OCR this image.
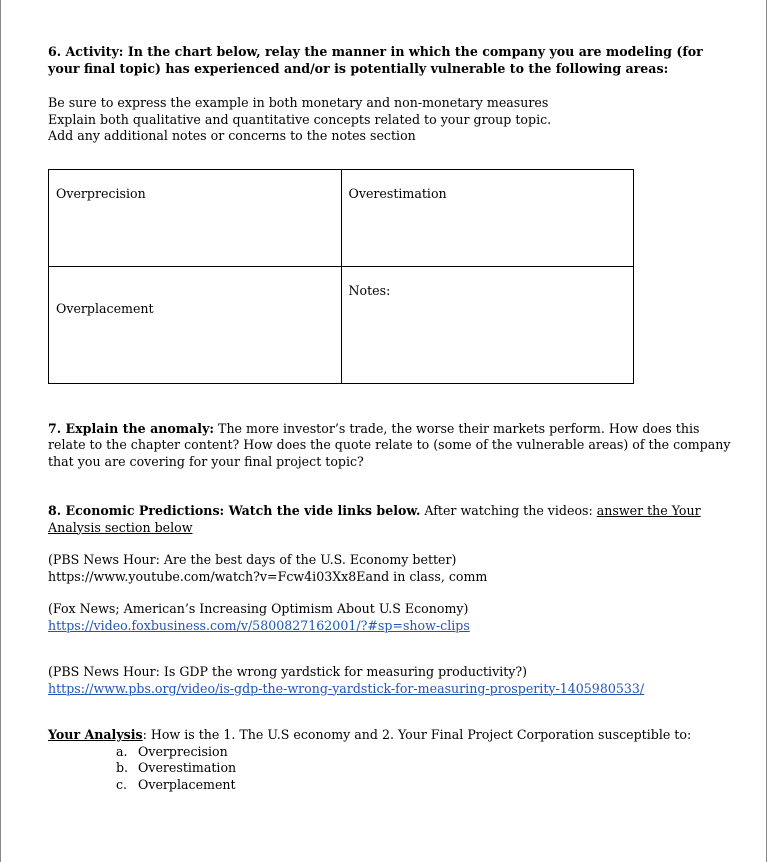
6. Activity: In the chart below, relay the manner in which the company you are modeling (for your final topic) has experienced and/or is potentially vulnerable to the following areas:

Be sure to express the example in both monetary and non-monetary measures

Explain both qualitative and quantitative concepts related to your group topic.

Add any additional notes or concerns to the notes section

Overprecision	Overestimation
Overplacement	Notes:

7. Explain the anomaly: The more investor’s trade, the worse their markets perform. How does this relate to the chapter content? How does the quote relate to (some of the vulnerable areas) of the company that you are covering for your final project topic?

8. Economic Predictions: Watch the vide links below. After watching the videos: answer the Your Analysis section below

(PBS News Hour: Are the best days of the U.S. Economy better)

https://www.youtube.com/watch?v=Fcw4i03Xx8Eand in class, comm

(Fox News; American’s Increasing Optimism About U.S Economy)

https://video.foxbusiness.com/v/5800827162001/?#sp=show-clips

(PBS News Hour: Is GDP the wrong yardstick for measuring productivity?)

https://www.pbs.org/video/is-gdp-the-wrong-yardstick-for-measuring-prosperity-1405980533/

Your Analysis: How is the 1. The U.S economy and 2. Your Final Project Corporation susceptible to:

a. Overprecision
b. Overestimation
c. Overplacement
